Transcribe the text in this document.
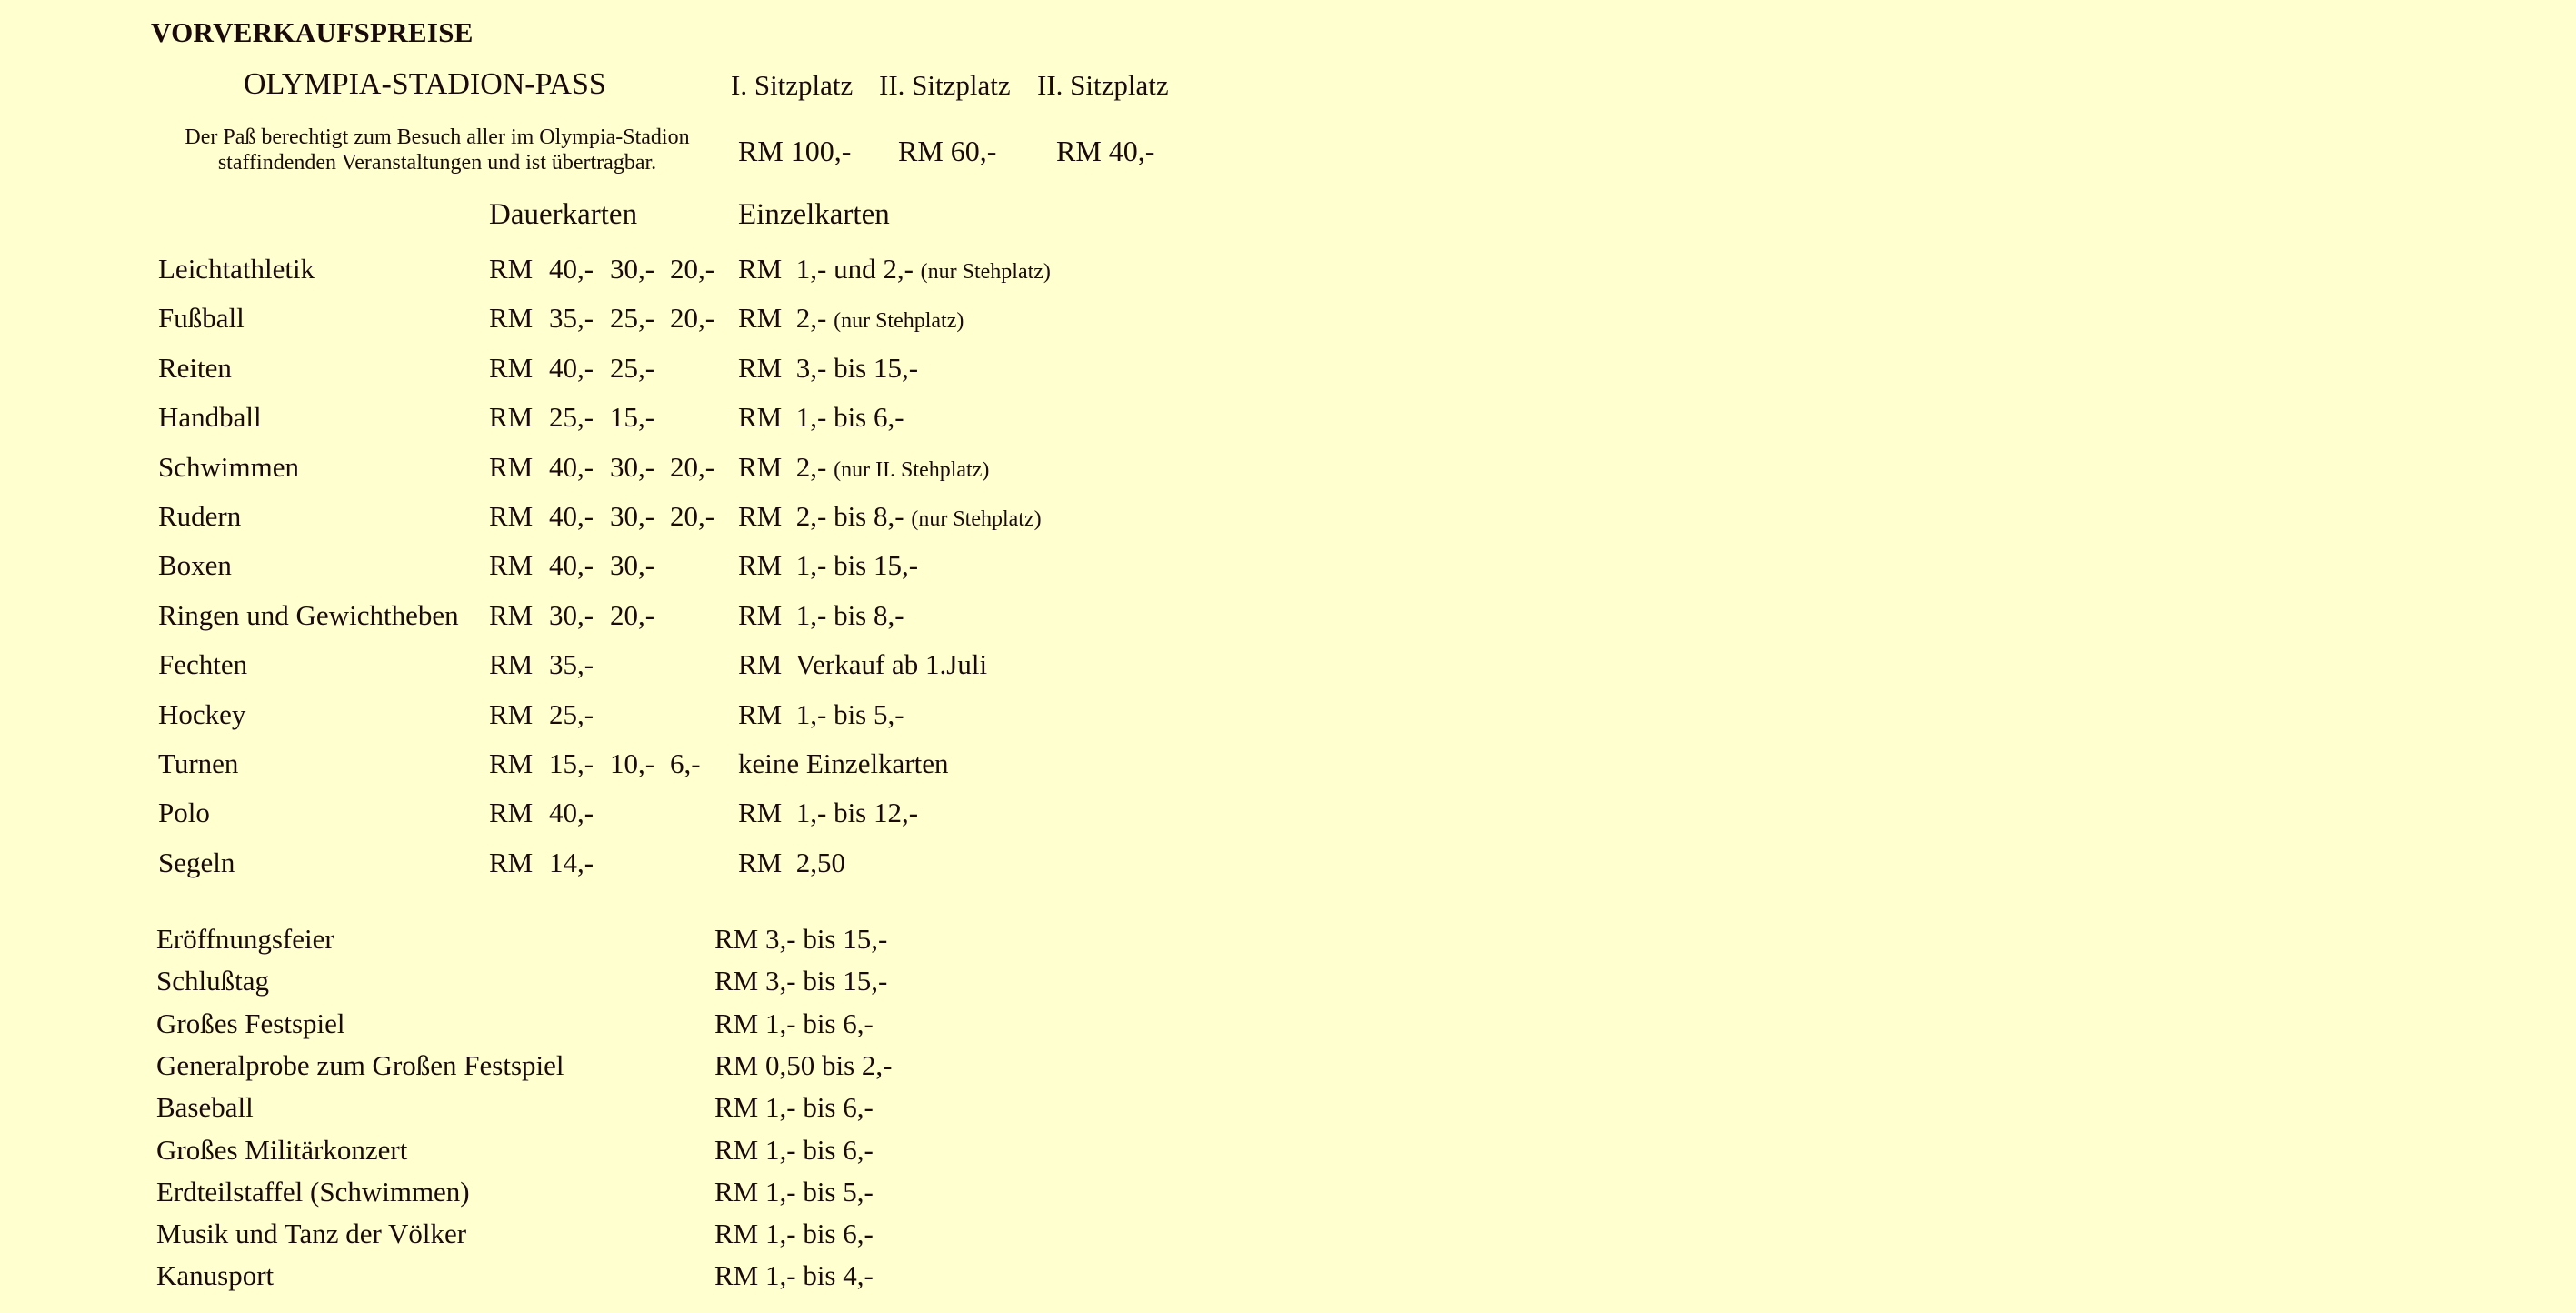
VORVERKAUFSPREISE
OLYMPIA-STADION-PASS	I. Sitzplatz II. Sitzplatz II. Sitzplatz
Der Paß berechtigt zum Besuch aller im Olympia-Stadion staffindenden Veranstaltungen und ist übertragbar.	RM 100,- RM 60,- RM 40,-
Dauerkarten	Einzelkarten
Leichtathletik	RM 40,- 30,- 20,- RM  1,- und 2,- (nur Stehplatz)
Fußball	RM 35,- 25,- 20,- RM  2,- (nur Stehplatz)
Reiten	RM 40,- 25,-	RM  3,- bis 15,-
Handball	RM 25,- 15,-	RM  1,- bis 6,-
Schwimmen	RM 40,- 30,- 20,- RM  2,- (nur II. Stehplatz)
Rudern	RM 40,- 30,- 20,- RM  2,- bis 8,- (nur Stehplatz)
Boxen	RM 40,- 30,-	RM  1,- bis 15,-
Ringen und Gewichtheben RM 30,- 20,-	RM  1,- bis 8,-
Fechten	RM 35,-	RM  Verkauf ab 1.Juli
Hockey	RM 25,-	RM  1,- bis 5,-
Turnen	RM 15,- 10,- 6,- keine Einzelkarten
Polo	RM 40,-	RM  1,- bis 12,-
Segeln	RM 14,-	RM  2,50
Eröffnungsfeier	RM 3,- bis 15,-
Schlußtag	RM 3,- bis 15,-
Großes Festspiel	RM 1,- bis 6,-
Generalprobe zum Großen Festspiel	RM 0,50 bis 2,-
Baseball	RM 1,- bis 6,-
Großes Militärkonzert	RM 1,- bis 6,-
Erdteilstaffel (Schwimmen)	RM 1,- bis 5,-
Musik und Tanz der Völker	RM 1,- bis 6,-
Kanusport	RM 1,- bis 4,-
